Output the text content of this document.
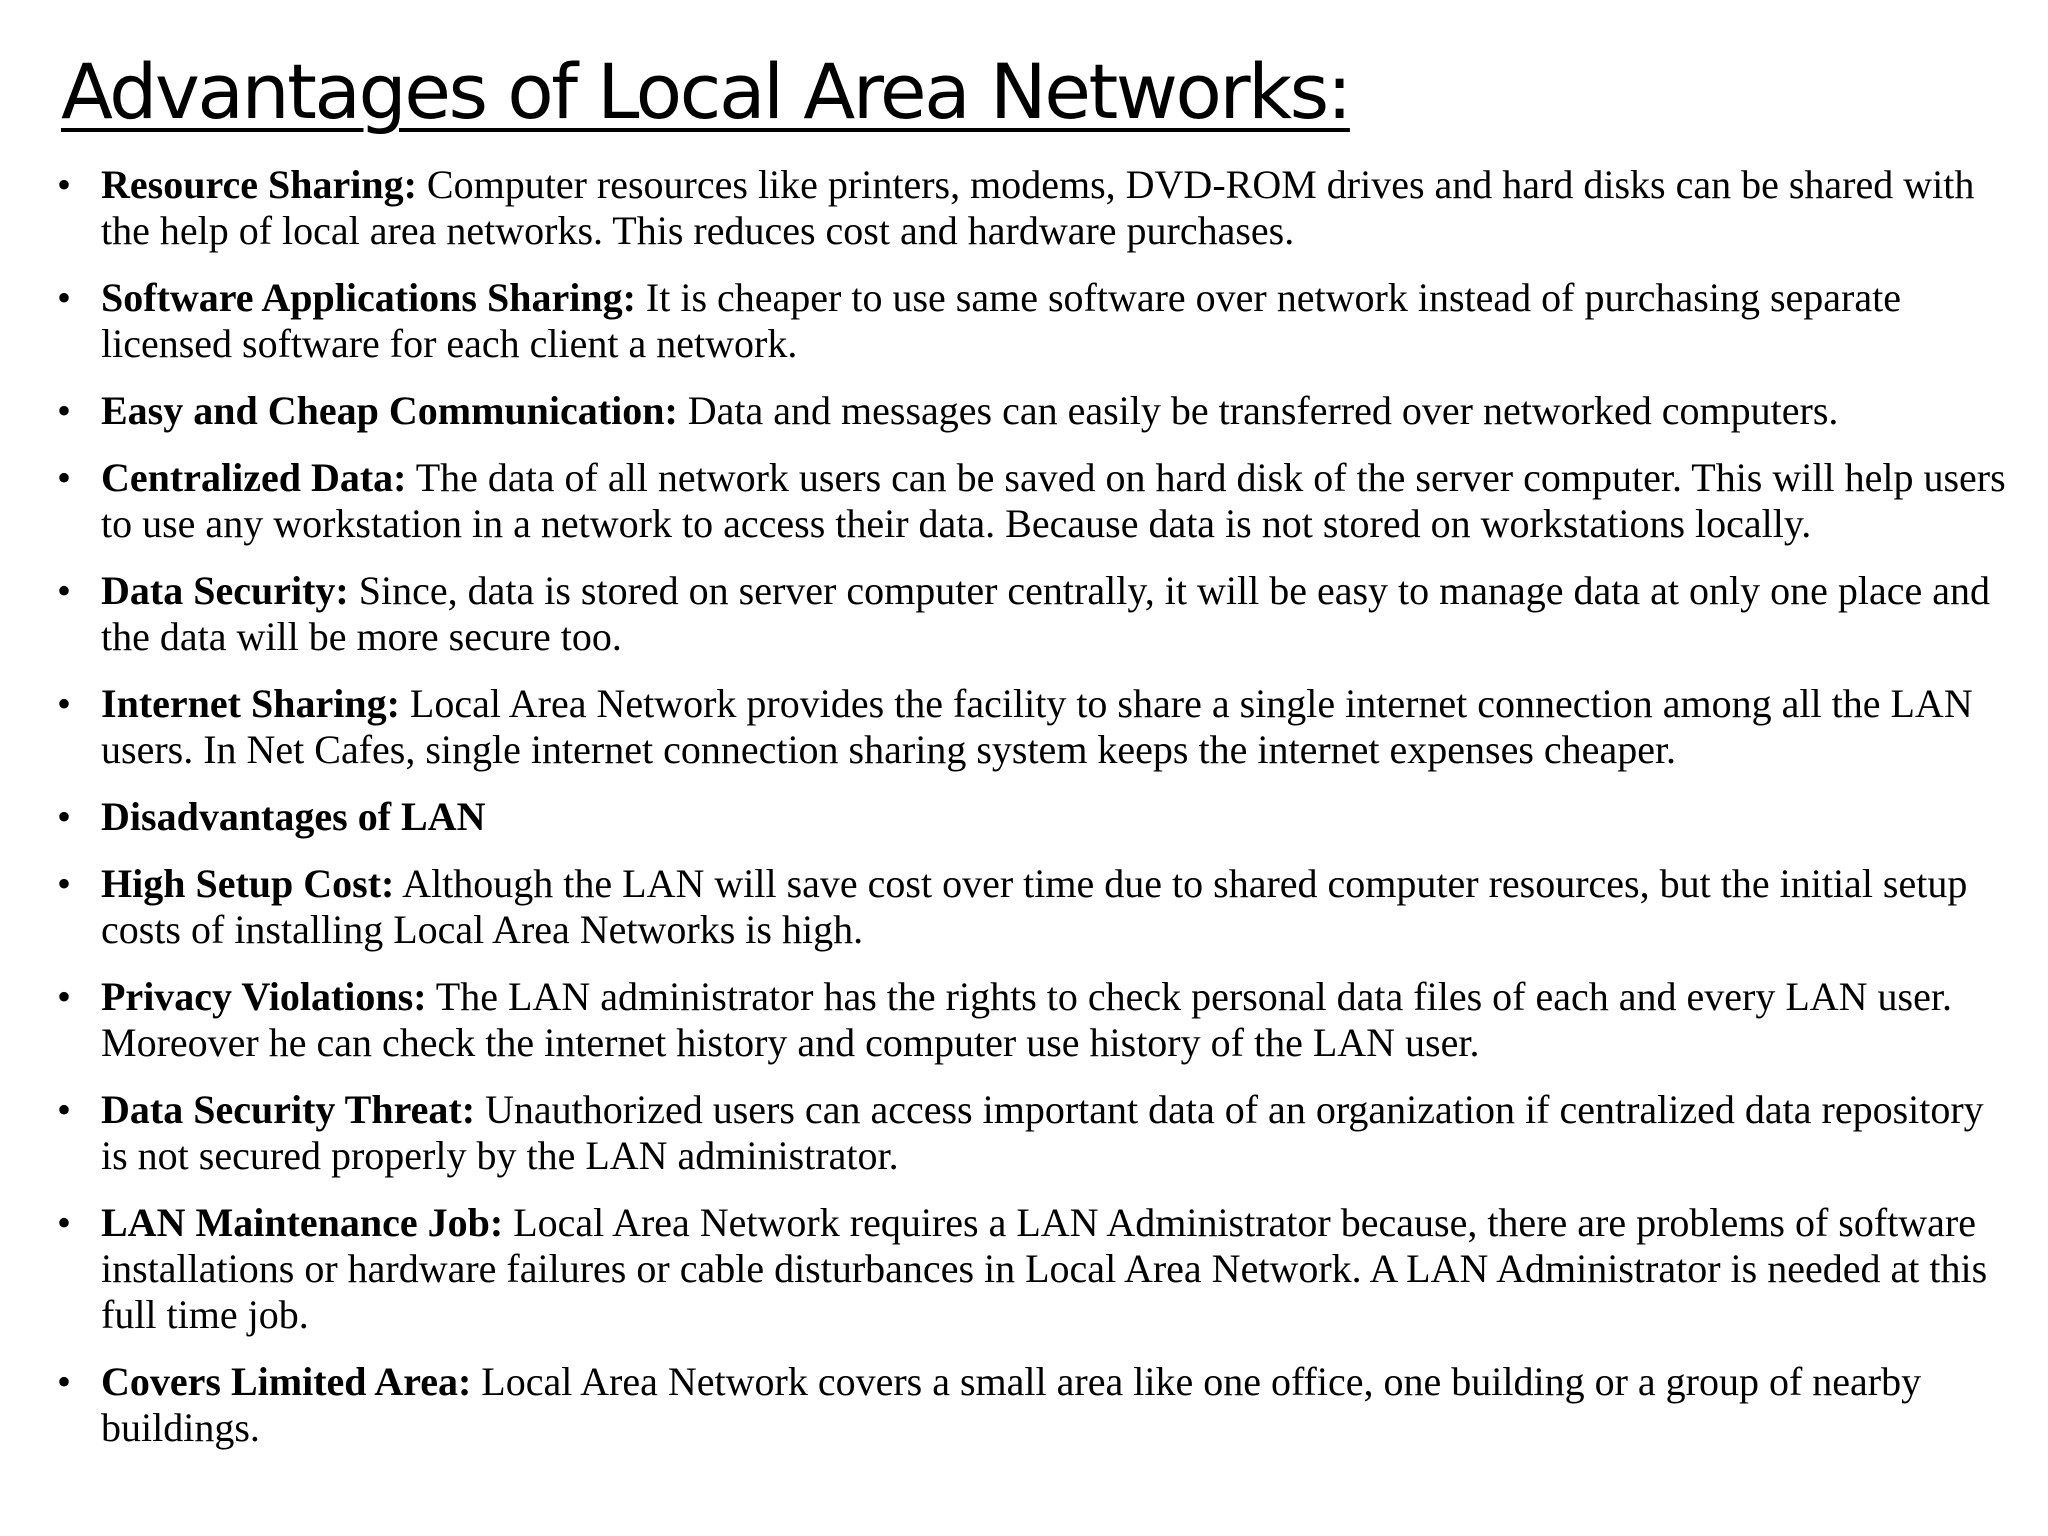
Advantages of Local Area Networks:
• Resource Sharing: Computer resources like printers, modems, DVD-ROM drives and hard disks can be shared with the help of local area networks. This reduces cost and hardware purchases.
• Software Applications Sharing: It is cheaper to use same software over network instead of purchasing separate licensed software for each client a network.
• Easy and Cheap Communication: Data and messages can easily be transferred over networked computers.
• Centralized Data: The data of all network users can be saved on hard disk of the server computer. This will help users to use any workstation in a network to access their data. Because data is not stored on workstations locally.
• Data Security: Since, data is stored on server computer centrally, it will be easy to manage data at only one place and the data will be more secure too.
• Internet Sharing: Local Area Network provides the facility to share a single internet connection among all the LAN users. In Net Cafes, single internet connection sharing system keeps the internet expenses cheaper.
• Disadvantages of LAN
• High Setup Cost: Although the LAN will save cost over time due to shared computer resources, but the initial setup costs of installing Local Area Networks is high.
• Privacy Violations: The LAN administrator has the rights to check personal data files of each and every LAN user. Moreover he can check the internet history and computer use history of the LAN user.
• Data Security Threat: Unauthorized users can access important data of an organization if centralized data repository is not secured properly by the LAN administrator.
• LAN Maintenance Job: Local Area Network requires a LAN Administrator because, there are problems of software installations or hardware failures or cable disturbances in Local Area Network. A LAN Administrator is needed at this full time job.
• Covers Limited Area: Local Area Network covers a small area like one office, one building or a group of nearby buildings.
